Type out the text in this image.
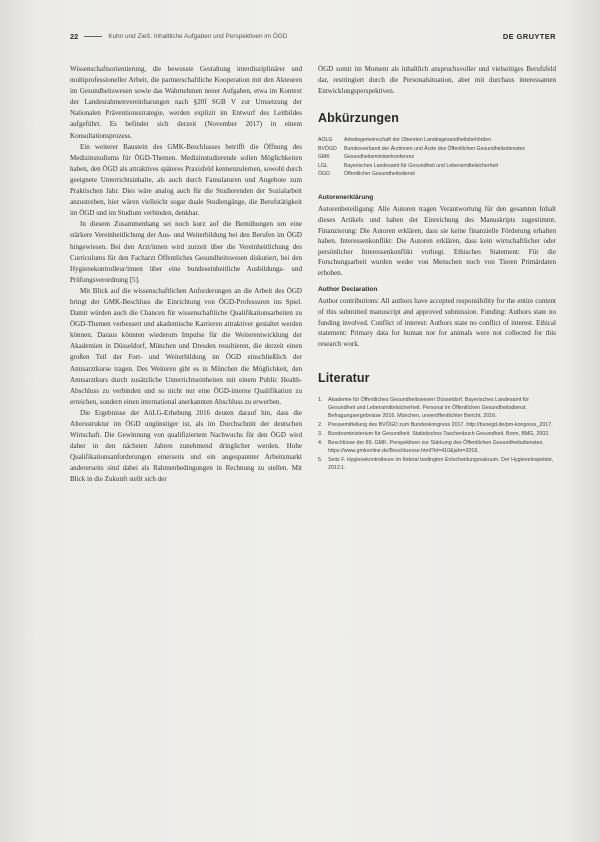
22	Kuhn und Zieß: Inhaltliche Aufgaben und Perspektiven im ÖGD	DE GRUYTER

Wissenschaftsorientierung, die bewusste Gestaltung interdisziplinärer und multiprofessioneller Arbeit, die partnerschaftliche Kooperation mit den Akteuren im Gesundheitswesen sowie das Wahrnehmen neuer Aufgaben, etwa im Kontext der Landesrahmenvereinbarungen nach §20f SGB V zur Umsetzung der Nationalen Präventionsstrategie, werden explizit im Entwurf des Leitbildes aufgeführt. Es befindet sich derzeit (November 2017) in einem Konsultationsprozess.

Ein weiterer Baustein des GMK-Beschlusses betrifft die Öffnung des Medizinstudiums für ÖGD-Themen. Medizinstudierende sollen Möglichkeiten haben, den ÖGD als attraktives späteres Praxisfeld kennenzulernen, sowohl durch geeignete Unterrichtsinhalte, als auch durch Famulaturen und Angebote zum Praktischen Jahr. Dies wäre analog auch für die Studierenden der Sozialarbeit anzustreben, hier wären vielleicht sogar duale Studiengänge, die Berufstätigkeit im ÖGD und im Studium verbinden, denkbar.

In diesem Zusammenhang sei noch kurz auf die Bemühungen um eine stärkere Vereinheitlichung der Aus- und Weiterbildung bei den Berufen im ÖGD hingewiesen. Bei den Arzt/innen wird zurzeit über die Vereinheitlichung des Curriculums für den Facharzt Öffentliches Gesundheitswesen diskutiert, bei den Hygienekontrolleur/innen über eine bundeseinheitliche Ausbildungs- und Prüfungsverordnung [5].

Mit Blick auf die wissenschaftlichen Anforderungen an die Arbeit des ÖGD bringt der GMK-Beschluss die Einrichtung von ÖGD-Professuren ins Spiel. Damit würden auch die Chancen für wissenschaftliche Qualifikationsarbeiten zu ÖGD-Themen verbessert und akademische Karrieren attraktiver gestaltet werden können. Daraus könnten wiederum Impulse für die Weiterentwicklung der Akademien in Düsseldorf, München und Dresden resultieren, die derzeit einen großen Teil der Fort- und Weiterbildung im ÖGD einschließlich der Amtsarztkurse tragen. Des Weiteren gibt es in München die Möglichkeit, den Amtsarztkurs durch zusätzliche Unterrichtseinheiten mit einem Public Health-Abschluss zu verbinden und so nicht nur eine ÖGD-interne Qualifikation zu erreichen, sondern einen international anerkannten Abschluss zu erwerben.

Die Ergebnisse der AöLG-Erhebung 2016 deuten darauf hin, dass die Altersstruktur im ÖGD ungünstiger ist, als im Durchschnitt der deutschen Wirtschaft. Die Gewinnung von qualifiziertem Nachwuchs für den ÖGD wird daher in den nächsten Jahren zunehmend dringlicher werden. Hohe Qualifikationsanforderungen einerseits und ein angespannter Arbeitsmarkt andererseits sind dabei als Rahmenbedingungen in Rechnung zu stellen. Mit Blick in die Zukunft stellt sich der

ÖGD somit im Moment als inhaltlich anspruchsvoller und vielseitiges Berufsfeld dar, restringiert durch die Personalsituation, aber mit durchaus interessanten Entwicklungsperspektiven.

Abkürzungen
AOLG	Arbeitsgemeinschaft der Obersten Landesgesundheitsbehörden
BVÖGD	Bundesverband der Ärztinnen und Ärzte des Öffentlichen Gesundheitsdienstes
GMK	Gesundheitsministerkonferenz
LGL	Bayerisches Landesamt für Gesundheit und Lebensmittelsicherheit
ÖGD	Öffentlicher Gesundheitsdienst
Autorenerklärung

Autorenbeteiligung: Alle Autoren tragen Verantwortung für den gesamten Inhalt dieses Artikels und haben der Einreichung des Manuskripts zugestimmt. Finanzierung: Die Autoren erklären, dass sie keine finanzielle Förderung erhalten haben. Interessenkonflikt: Die Autoren erklären, dass kein wirtschaftlicher oder persönlicher Interessenkonflikt vorliegt. Ethisches Statement: Für die Forschungsarbeit wurden weder von Menschen noch von Tieren Primärdaten erhoben.

Author Declaration

Author contributions: All authors have accepted responsibility for the entire content of this submitted manuscript and approved submission. Funding: Authors state no funding involved. Conflict of interest: Authors state no conflict of interest. Ethical statement: Primary data for human nor for animals were not collected for this research work.

Literatur
1.	Akademie für Öffentliches Gesundheitswesen Düsseldorf, Bayerisches Landesamt für Gesundheit und Lebensmittelsicherheit. Personal im Öffentlichen Gesundheitsdienst. Befragungsergebnisse 2016. München, unveröffentlichter Bericht, 2016.
2.	Pressemitteilung des BVÖGD zum Bundeskongress 2017. http://bvoegd.de/pm-kongress_2017.
3.	Bundesministerium für Gesundheit. Statistisches Taschenbuch Gesundheit. Bonn, BMG, 2002.
4.	Beschlüsse der 89. GMK. Perspektiven zur Stärkung des Öffentlichen Gesundheitsdienstes. https://www.gmkonline.de/Beschluesse.html?id=410&jahr=2016.
5.	Seitz F. Hygienekontrolleure im föderal bedingten Entscheidungsvakuum. Der Hygieneinspektor, 2012;1.
